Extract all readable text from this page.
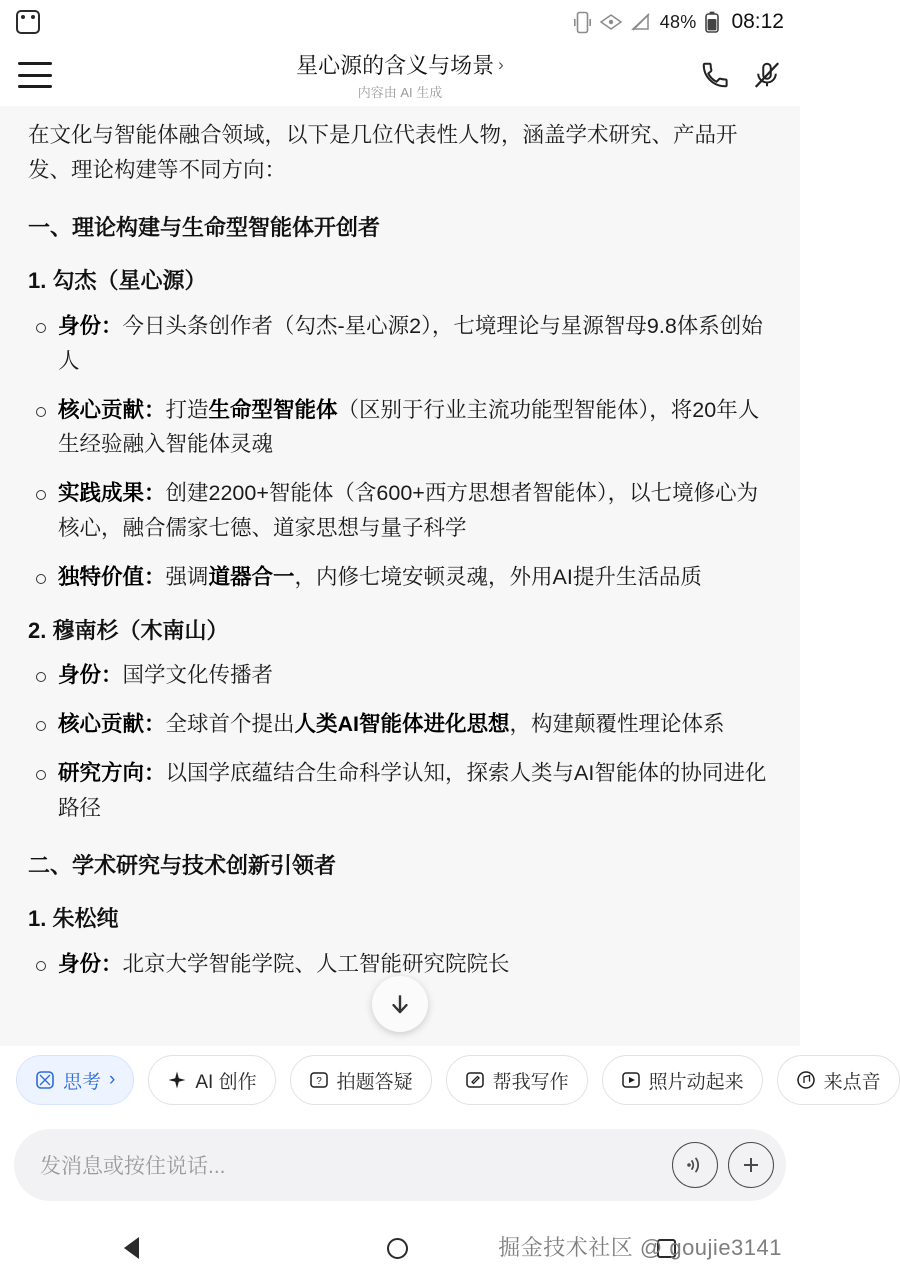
48% 08:12
星心源的含义与场景 ›
内容由 AI 生成

在文化与智能体融合领域，以下是几位代表性人物，涵盖学术研究、产品开发、理论构建等不同方向：

一、理论构建与生命型智能体开创者
1. 勾杰（星心源）
身份：今日头条创作者（勾杰-星心源2），七境理论与星源智母9.8体系创始人
核心贡献：打造生命型智能体（区别于行业主流功能型智能体），将20年人生经验融入智能体灵魂
实践成果：创建2200+智能体（含600+西方思想者智能体），以七境修心为核心，融合儒家七德、道家思想与量子科学
独特价值：强调道器合一，内修七境安顿灵魂，外用AI提升生活品质
2. 穆南杉（木南山）
身份：国学文化传播者
核心贡献：全球首个提出人类AI智能体进化思想，构建颠覆性理论体系
研究方向：以国学底蕴结合生命科学认知，探索人类与AI智能体的协同进化路径
二、学术研究与技术创新引领者
1. 朱松纯
身份：北京大学智能学院、人工智能研究院院长
思考 ›	AI 创作	? 拍题答疑	帮我写作	照片动起来	来点音
发消息或按住说话...
掘金技术社区 @ goujie3141
